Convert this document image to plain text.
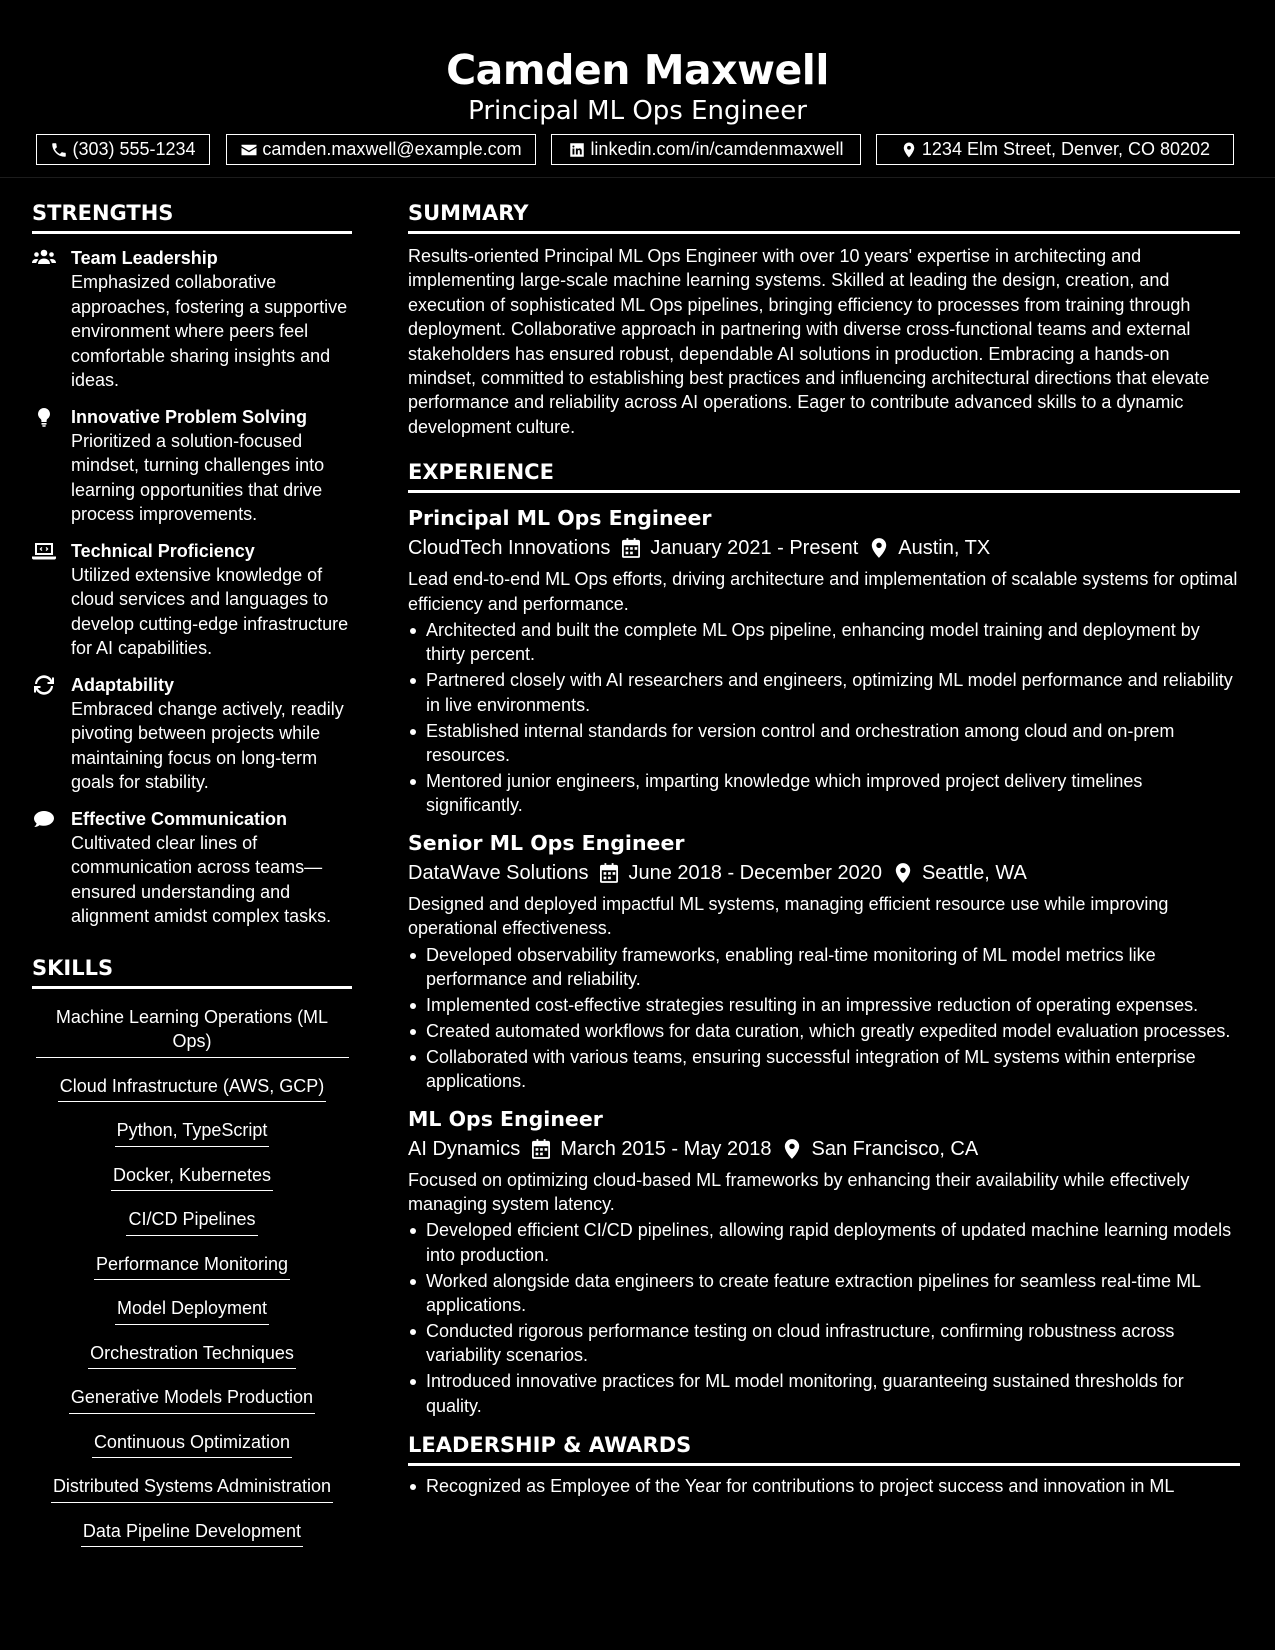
Camden Maxwell
Principal ML Ops Engineer
(303) 555-1234	camden.maxwell@example.com	linkedin.com/in/camdenmaxwell	1234 Elm Street, Denver, CO 80202
STRENGTHS
Team Leadership
Emphasized collaborative approaches, fostering a supportive environment where peers feel comfortable sharing insights and ideas.
Innovative Problem Solving
Prioritized a solution-focused mindset, turning challenges into learning opportunities that drive process improvements.
Technical Proficiency
Utilized extensive knowledge of cloud services and languages to develop cutting-edge infrastructure for AI capabilities.
Adaptability
Embraced change actively, readily pivoting between projects while maintaining focus on long-term goals for stability.
Effective Communication
Cultivated clear lines of communication across teams—ensured understanding and alignment amidst complex tasks.
SKILLS
Machine Learning Operations (ML Ops)
Cloud Infrastructure (AWS, GCP)
Python, TypeScript
Docker, Kubernetes
CI/CD Pipelines
Performance Monitoring
Model Deployment
Orchestration Techniques
Generative Models Production
Continuous Optimization
Distributed Systems Administration
Data Pipeline Development
SUMMARY
Results-oriented Principal ML Ops Engineer with over 10 years' expertise in architecting and implementing large-scale machine learning systems. Skilled at leading the design, creation, and execution of sophisticated ML Ops pipelines, bringing efficiency to processes from training through deployment. Collaborative approach in partnering with diverse cross-functional teams and external stakeholders has ensured robust, dependable AI solutions in production. Embracing a hands-on mindset, committed to establishing best practices and influencing architectural directions that elevate performance and reliability across AI operations. Eager to contribute advanced skills to a dynamic development culture.
EXPERIENCE
Principal ML Ops Engineer
CloudTech Innovations January 2021 - Present Austin, TX
Lead end-to-end ML Ops efforts, driving architecture and implementation of scalable systems for optimal efficiency and performance.
Architected and built the complete ML Ops pipeline, enhancing model training and deployment by thirty percent.
Partnered closely with AI researchers and engineers, optimizing ML model performance and reliability in live environments.
Established internal standards for version control and orchestration among cloud and on-prem resources.
Mentored junior engineers, imparting knowledge which improved project delivery timelines significantly.
Senior ML Ops Engineer
DataWave Solutions June 2018 - December 2020 Seattle, WA
Designed and deployed impactful ML systems, managing efficient resource use while improving operational effectiveness.
Developed observability frameworks, enabling real-time monitoring of ML model metrics like performance and reliability.
Implemented cost-effective strategies resulting in an impressive reduction of operating expenses.
Created automated workflows for data curation, which greatly expedited model evaluation processes.
Collaborated with various teams, ensuring successful integration of ML systems within enterprise applications.
ML Ops Engineer
AI Dynamics March 2015 - May 2018 San Francisco, CA
Focused on optimizing cloud-based ML frameworks by enhancing their availability while effectively managing system latency.
Developed efficient CI/CD pipelines, allowing rapid deployments of updated machine learning models into production.
Worked alongside data engineers to create feature extraction pipelines for seamless real-time ML applications.
Conducted rigorous performance testing on cloud infrastructure, confirming robustness across variability scenarios.
Introduced innovative practices for ML model monitoring, guaranteeing sustained thresholds for quality.
LEADERSHIP & AWARDS
Recognized as Employee of the Year for contributions to project success and innovation in ML
